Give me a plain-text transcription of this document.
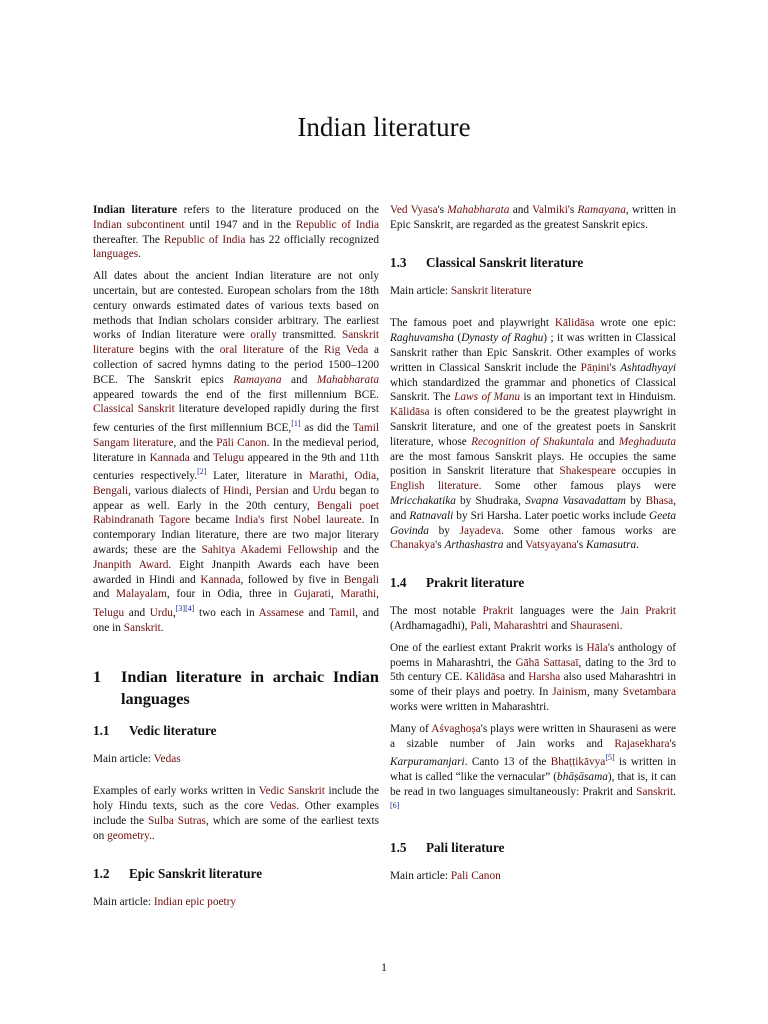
Indian literature

Indian literature refers to the literature produced on the Indian subcontinent until 1947 and in the Republic of India thereafter. The Republic of India has 22 officially recognized languages.

All dates about the ancient Indian literature are not only uncertain, but are contested. European scholars from the 18th century onwards estimated dates of various texts based on methods that Indian scholars consider arbitrary. The earliest works of Indian literature were orally transmitted. Sanskrit literature begins with the oral literature of the Rig Veda a collection of sacred hymns dating to the period 1500–1200 BCE. The Sanskrit epics Ramayana and Mahabharata appeared towards the end of the first millennium BCE. Classical Sanskrit literature developed rapidly during the first few centuries of the first millennium BCE,[1] as did the Tamil Sangam literature, and the Pāli Canon. In the medieval period, literature in Kannada and Telugu appeared in the 9th and 11th centuries respectively.[2] Later, literature in Marathi, Odia, Bengali, various dialects of Hindi, Persian and Urdu began to appear as well. Early in the 20th century, Bengali poet Rabindranath Tagore became India's first Nobel laureate. In contemporary Indian literature, there are two major literary awards; these are the Sahitya Akademi Fellowship and the Jnanpith Award. Eight Jnanpith Awards each have been awarded in Hindi and Kannada, followed by five in Bengali and Malayalam, four in Odia, three in Gujarati, Marathi, Telugu and Urdu,[3][4] two each in Assamese and Tamil, and one in Sanskrit.

1	Indian literature in archaic Indian languages
1.1	Vedic literature

Main article: Vedas

Examples of early works written in Vedic Sanskrit include the holy Hindu texts, such as the core Vedas. Other examples include the Sulba Sutras, which are some of the earliest texts on geometry..

1.2	Epic Sanskrit literature

Main article: Indian epic poetry

Ved Vyasa's Mahabharata and Valmiki's Ramayana, written in Epic Sanskrit, are regarded as the greatest Sanskrit epics.

1.3	Classical Sanskrit literature

Main article: Sanskrit literature

The famous poet and playwright Kālidāsa wrote one epic: Raghuvamsha (Dynasty of Raghu) ; it was written in Classical Sanskrit rather than Epic Sanskrit. Other examples of works written in Classical Sanskrit include the Pāṇini's Ashtadhyayi which standardized the grammar and phonetics of Classical Sanskrit. The Laws of Manu is an important text in Hinduism. Kālidāsa is often considered to be the greatest playwright in Sanskrit literature, and one of the greatest poets in Sanskrit literature, whose Recognition of Shakuntala and Meghaduuta are the most famous Sanskrit plays. He occupies the same position in Sanskrit literature that Shakespeare occupies in English literature. Some other famous plays were Mricchakatika by Shudraka, Svapna Vasavadattam by Bhasa, and Ratnavali by Sri Harsha. Later poetic works include Geeta Govinda by Jayadeva. Some other famous works are Chanakya's Arthashastra and Vatsyayana's Kamasutra.

1.4	Prakrit literature

The most notable Prakrit languages were the Jain Prakrit (Ardhamagadhi), Pali, Maharashtri and Shauraseni.

One of the earliest extant Prakrit works is Hāla's anthology of poems in Maharashtri, the Gāhā Sattasaī, dating to the 3rd to 5th century CE. Kālidāsa and Harsha also used Maharashtri in some of their plays and poetry. In Jainism, many Svetambara works were written in Maharashtri.

Many of Aśvaghoṣa's plays were written in Shauraseni as were a sizable number of Jain works and Rajasekhara's Karpuramanjari. Canto 13 of the Bhaṭṭikāvya[5] is written in what is called “like the vernacular” (bhāṣāsama), that is, it can be read in two languages simultaneously: Prakrit and Sanskrit.[6]

1.5	Pali literature

Main article: Pali Canon

1
